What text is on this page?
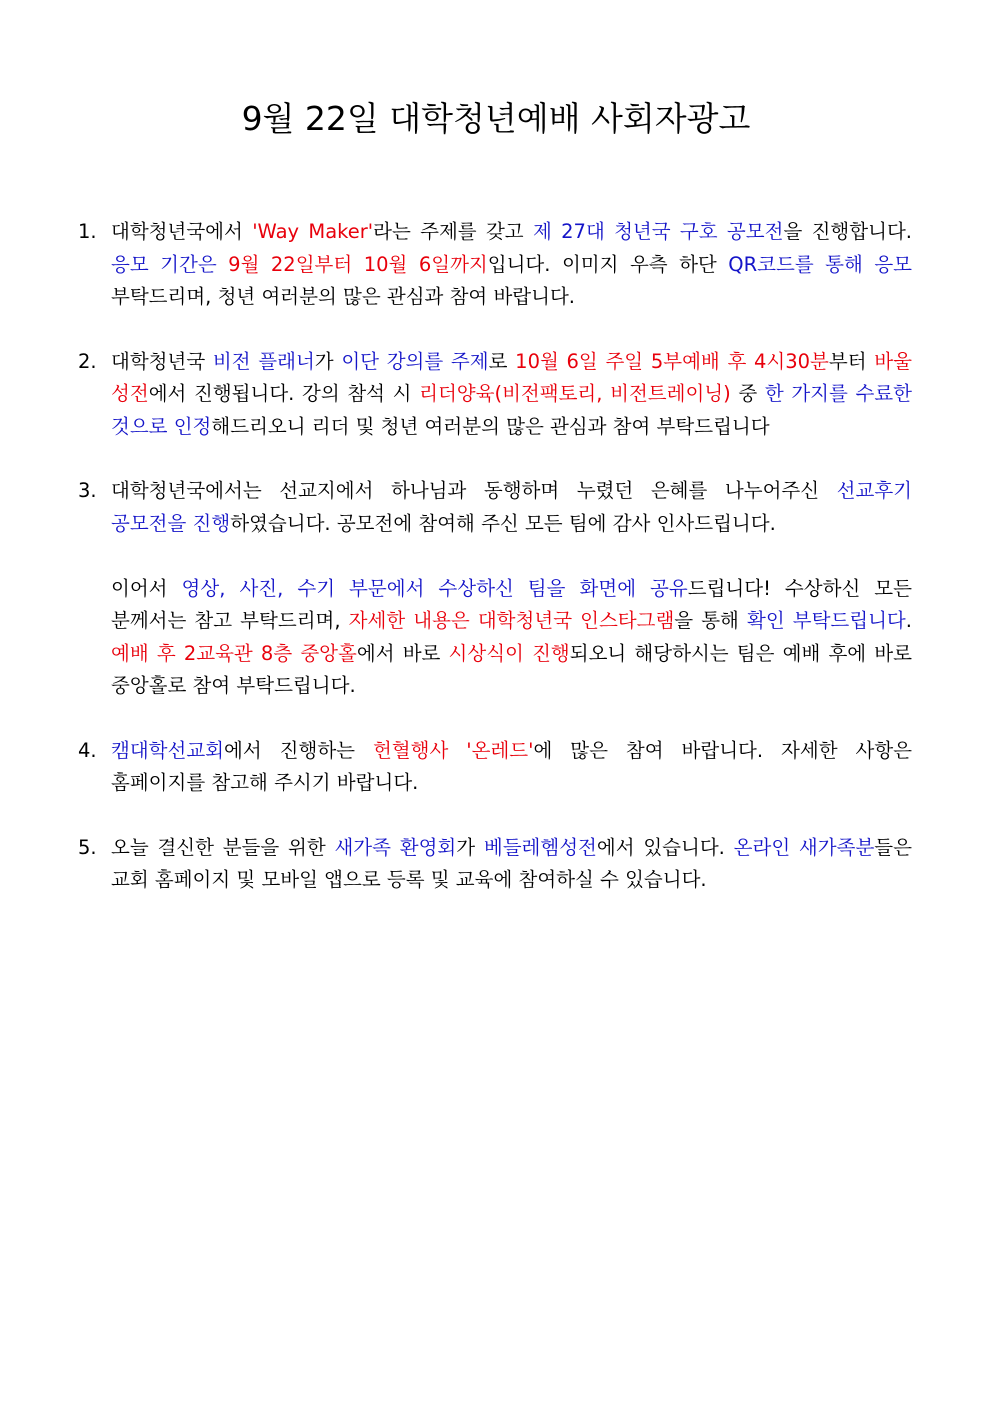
9월 22일 대학청년예배 사회자광고
1. 대학청년국에서 'Way Maker'라는 주제를 갖고 제 27대 청년국 구호 공모전을 진행합니다. 응모 기간은 9월 22일부터 10월 6일까지입니다. 이미지 우측 하단 QR코드를 통해 응모 부탁드리며, 청년 여러분의 많은 관심과 참여 바랍니다.

2. 대학청년국 비전 플래너가 이단 강의를 주제로 10월 6일 주일 5부예배 후 4시30분부터 바울 성전에서 진행됩니다. 강의 참석 시 리더양육(비전팩토리, 비전트레이닝) 중 한 가지를 수료한 것으로 인정해드리오니 리더 및 청년 여러분의 많은 관심과 참여 부탁드립니다

3. 대학청년국에서는 선교지에서 하나님과 동행하며 누렸던 은혜를 나누어주신 선교후기 공모전을 진행하였습니다. 공모전에 참여해 주신 모든 팀에 감사 인사드립니다.

이어서 영상, 사진, 수기 부문에서 수상하신 팀을 화면에 공유드립니다! 수상하신 모든 분께서는 참고 부탁드리며, 자세한 내용은 대학청년국 인스타그램을 통해 확인 부탁드립니다. 예배 후 2교육관 8층 중앙홀에서 바로 시상식이 진행되오니 해당하시는 팀은 예배 후에 바로 중앙홀로 참여 부탁드립니다.

4. 캠대학선교회에서 진행하는 헌혈행사 '온레드'에 많은 참여 바랍니다. 자세한 사항은 홈페이지를 참고해 주시기 바랍니다.

5. 오늘 결신한 분들을 위한 새가족 환영회가 베들레헴성전에서 있습니다. 온라인 새가족분들은 교회 홈페이지 및 모바일 앱으로 등록 및 교육에 참여하실 수 있습니다.
